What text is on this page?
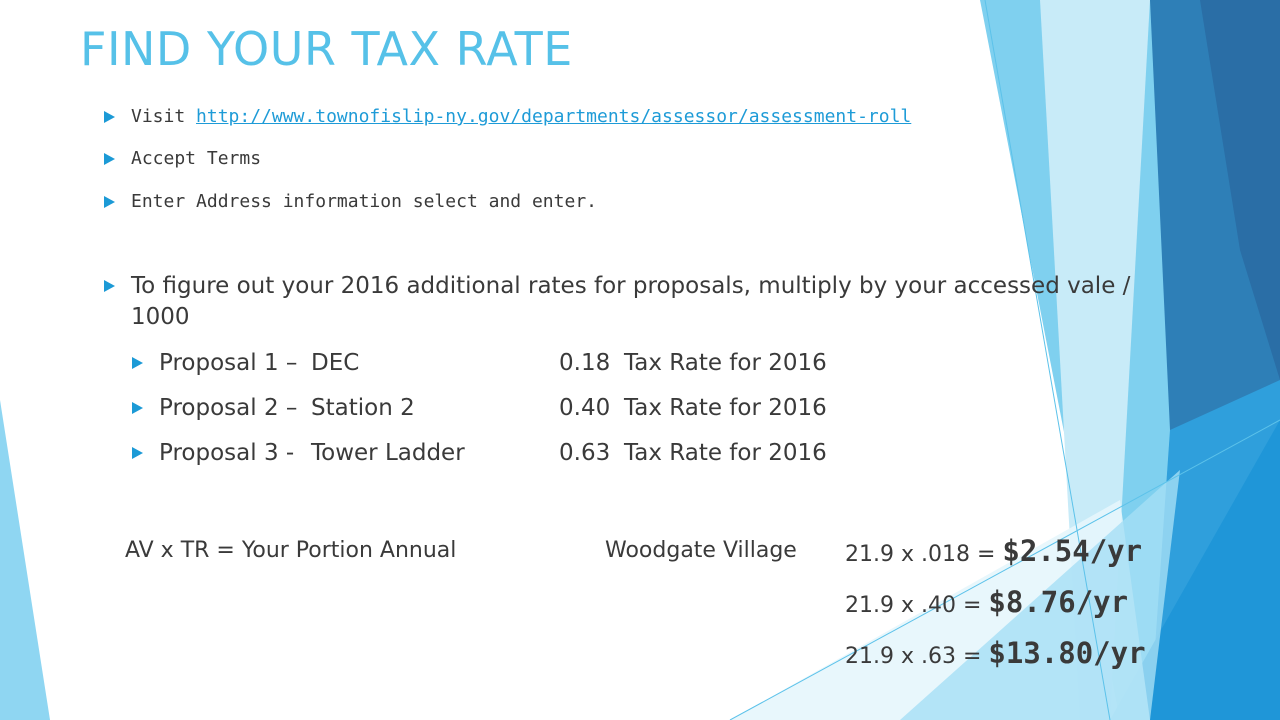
FIND YOUR TAX RATE
Visit http://www.townofislip-ny.gov/departments/assessor/assessment-roll
Accept Terms
Enter Address information select and enter.
To figure out your 2016 additional rates for proposals, multiply by your accessed vale /
1000
Proposal 1 – DEC	0.18 Tax Rate for 2016
Proposal 2 – Station 2	0.40 Tax Rate for 2016
Proposal 3 - Tower Ladder	0.63 Tax Rate for 2016
AV x TR = Your Portion Annual	Woodgate Village 21.9 x .018 = $2.54/yr
21.9 x .40 = $8.76/yr
21.9 x .63 = $13.80/yr
